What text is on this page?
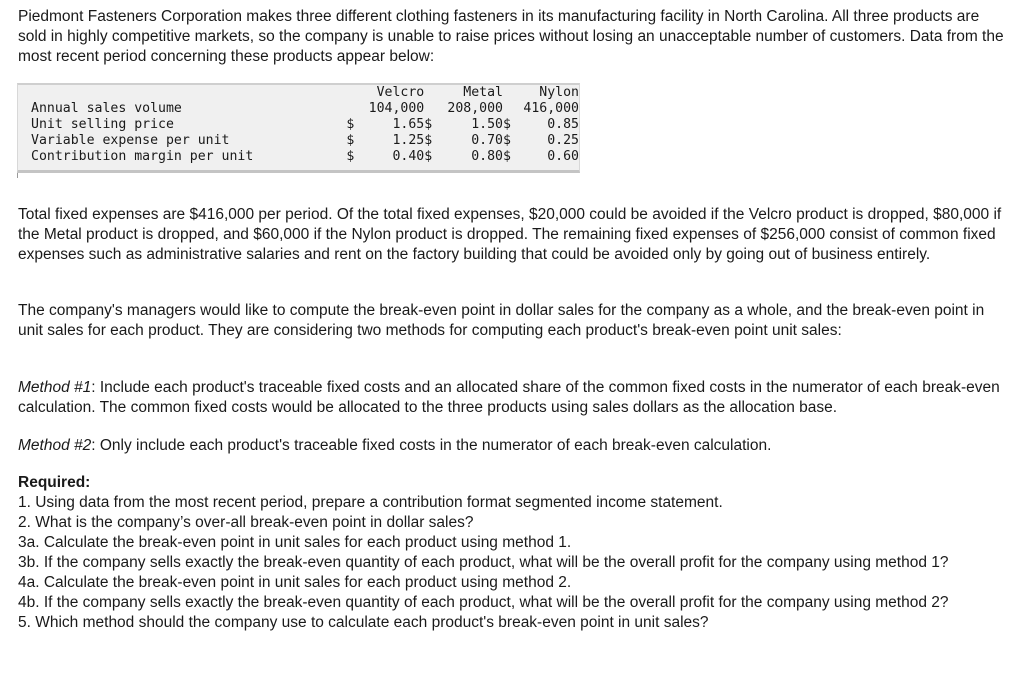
Piedmont Fasteners Corporation makes three different clothing fasteners in its manufacturing facility in North Carolina. All three products are sold in highly competitive markets, so the company is unable to raise prices without losing an unacceptable number of customers. Data from the most recent period concerning these products appear below:

		Velcro		Metal		Nylon
Annual sales volume		104,000		208,000		416,000
Unit selling price	$	1.65	$	1.50	$	0.85
Variable expense per unit	$	1.25	$	0.70	$	0.25
Contribution margin per unit	$	0.40	$	0.80	$	0.60

Total fixed expenses are $416,000 per period. Of the total fixed expenses, $20,000 could be avoided if the Velcro product is dropped, $80,000 if the Metal product is dropped, and $60,000 if the Nylon product is dropped. The remaining fixed expenses of $256,000 consist of common fixed expenses such as administrative salaries and rent on the factory building that could be avoided only by going out of business entirely.

The company's managers would like to compute the break-even point in dollar sales for the company as a whole, and the break-even point in unit sales for each product. They are considering two methods for computing each product's break-even point unit sales:

Method #1: Include each product's traceable fixed costs and an allocated share of the common fixed costs in the numerator of each break-even calculation. The common fixed costs would be allocated to the three products using sales dollars as the allocation base.

Method #2: Only include each product's traceable fixed costs in the numerator of each break-even calculation.

Required:
1. Using data from the most recent period, prepare a contribution format segmented income statement.
2. What is the company’s over-all break-even point in dollar sales?
3a. Calculate the break-even point in unit sales for each product using method 1.
3b. If the company sells exactly the break-even quantity of each product, what will be the overall profit for the company using method 1?
4a. Calculate the break-even point in unit sales for each product using method 2.
4b. If the company sells exactly the break-even quantity of each product, what will be the overall profit for the company using method 2?
5. Which method should the company use to calculate each product's break-even point in unit sales?
